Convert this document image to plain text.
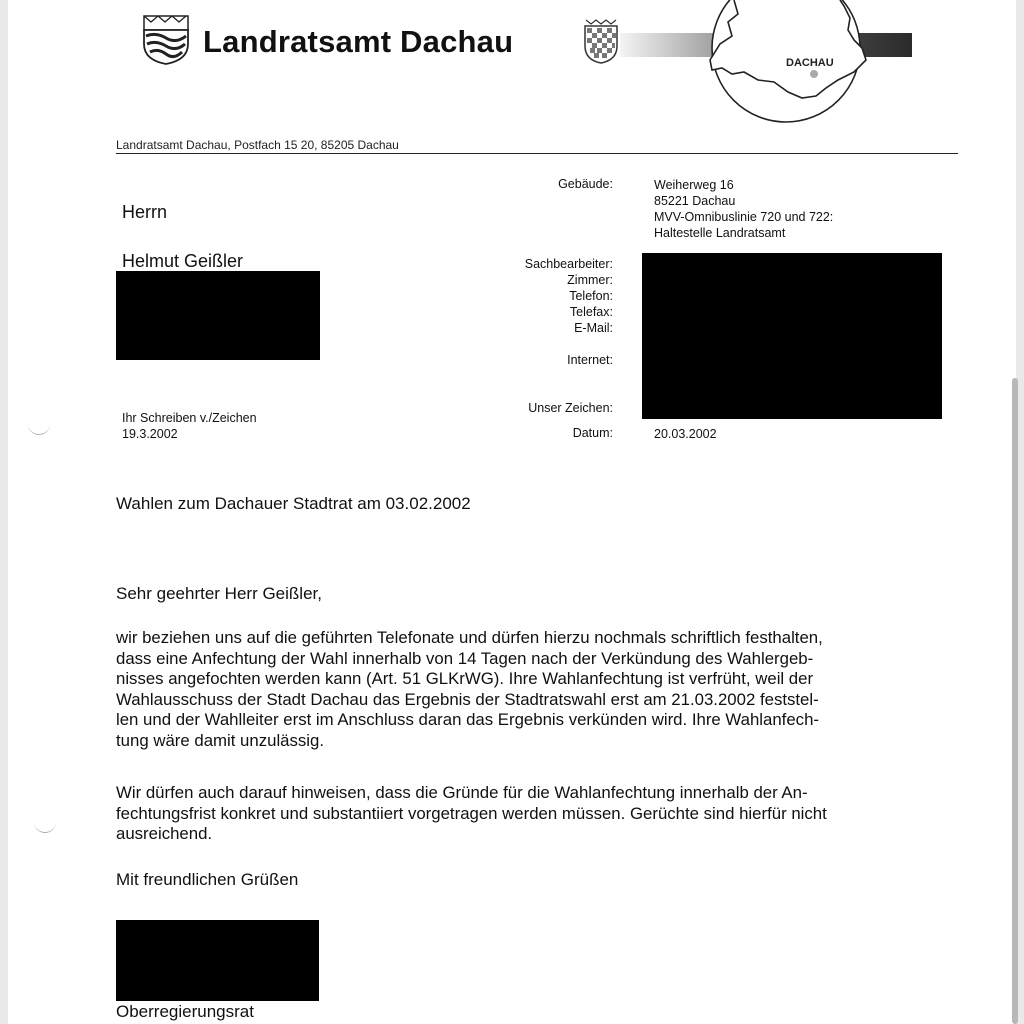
Landratsamt Dachau
DACHAU
Landratsamt Dachau, Postfach 15 20, 85205 Dachau
Herrn
Helmut Geißler
Gebäude:	Weiherweg 16
85221 Dachau
MVV-Omnibuslinie 720 und 722:
Haltestelle Landratsamt
Sachbearbeiter:
Zimmer:
Telefon:
Telefax:
E-Mail:
Internet:
Unser Zeichen:
Datum:	20.03.2002
Ihr Schreiben v./Zeichen
19.3.2002
Wahlen zum Dachauer Stadtrat am 03.02.2002
Sehr geehrter Herr Geißler,
wir beziehen uns auf die geführten Telefonate und dürfen hierzu nochmals schriftlich festhalten,
dass eine Anfechtung der Wahl innerhalb von 14 Tagen nach der Verkündung des Wahlergeb-
nisses angefochten werden kann (Art. 51 GLKrWG). Ihre Wahlanfechtung ist verfrüht, weil der
Wahlausschuss der Stadt Dachau das Ergebnis der Stadtratswahl erst am 21.03.2002 feststel-
len und der Wahlleiter erst im Anschluss daran das Ergebnis verkünden wird. Ihre Wahlanfech-
tung wäre damit unzulässig.
Wir dürfen auch darauf hinweisen, dass die Gründe für die Wahlanfechtung innerhalb der An-
fechtungsfrist konkret und substantiiert vorgetragen werden müssen. Gerüchte sind hierfür nicht
ausreichend.
Mit freundlichen Grüßen
Oberregierungsrat
